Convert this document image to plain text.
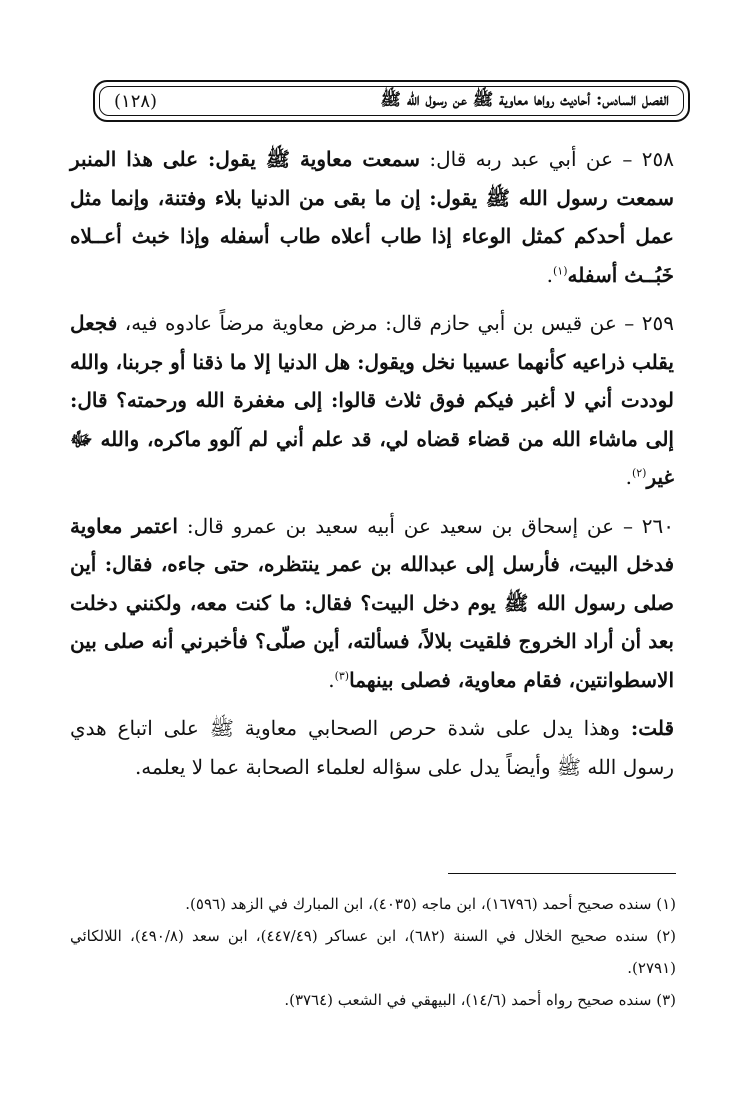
الفصل السادس: أحاديث رواها معاوية ﷺ عن رسول الله ﷺ
(١٢٨)

٢٥٨ – عن أبي عبد ربه قال: سمعت معاوية ﷺ يقول: على هذا المنبر سمعت رسول الله ﷺ يقول: إن ما بقى من الدنيا بلاء وفتنة، وإنما مثل عمل أحدكم كمثل الوعاء إذا طاب أعلاه طاب أسفله وإذا خبث أعــلاه خَبُــث أسفله$^{(١)}$.

٢٥٩ – عن قيس بن أبي حازم قال: مرض معاوية مرضاً عادوه فيه، فجعل يقلب ذراعيه كأنهما عسيبا نخل ويقول: هل الدنيا إلا ما ذقنا أو جربنا، والله لوددت أني لا أغبر فيكم فوق ثلاث قالوا: إلى مغفرة الله ورحمته؟ قال: إلى ماشاء الله من قضاء قضاه لي، قد علم أني لم آلوو ماكره، والله ﷻ غير$^{(٢)}$.

٢٦٠ – عن إسحاق بن سعيد عن أبيه سعيد بن عمرو قال: اعتمر معاوية فدخل البيت، فأرسل إلى عبدالله بن عمر ينتظره، حتى جاءه، فقال: أين صلى رسول الله ﷺ يوم دخل البيت؟ فقال: ما كنت معه، ولكنني دخلت بعد أن أراد الخروج فلقيت بلالاً، فسألته، أين صلّى؟ فأخبرني أنه صلى بين الاسطوانتين، فقام معاوية، فصلى بينهما$^{(٣)}$.

قلت: وهذا يدل على شدة حرص الصحابي معاوية ﷺ على اتباع هدي رسول الله ﷺ وأيضاً يدل على سؤاله لعلماء الصحابة عما لا يعلمه.

(١) سنده صحيح أحمد (١٦٧٩٦)، ابن ماجه (٤٠٣٥)، ابن المبارك في الزهد (٥٩٦).

(٢) سنده صحيح الخلال في السنة (٦٨٢)، ابن عساكر (٤٤٧/٤٩)، ابن سعد (٤٩٠/٨)، اللالكائي (٢٧٩١).

(٣) سنده صحيح رواه أحمد (١٤/٦)، البيهقي في الشعب (٣٧٦٤).
